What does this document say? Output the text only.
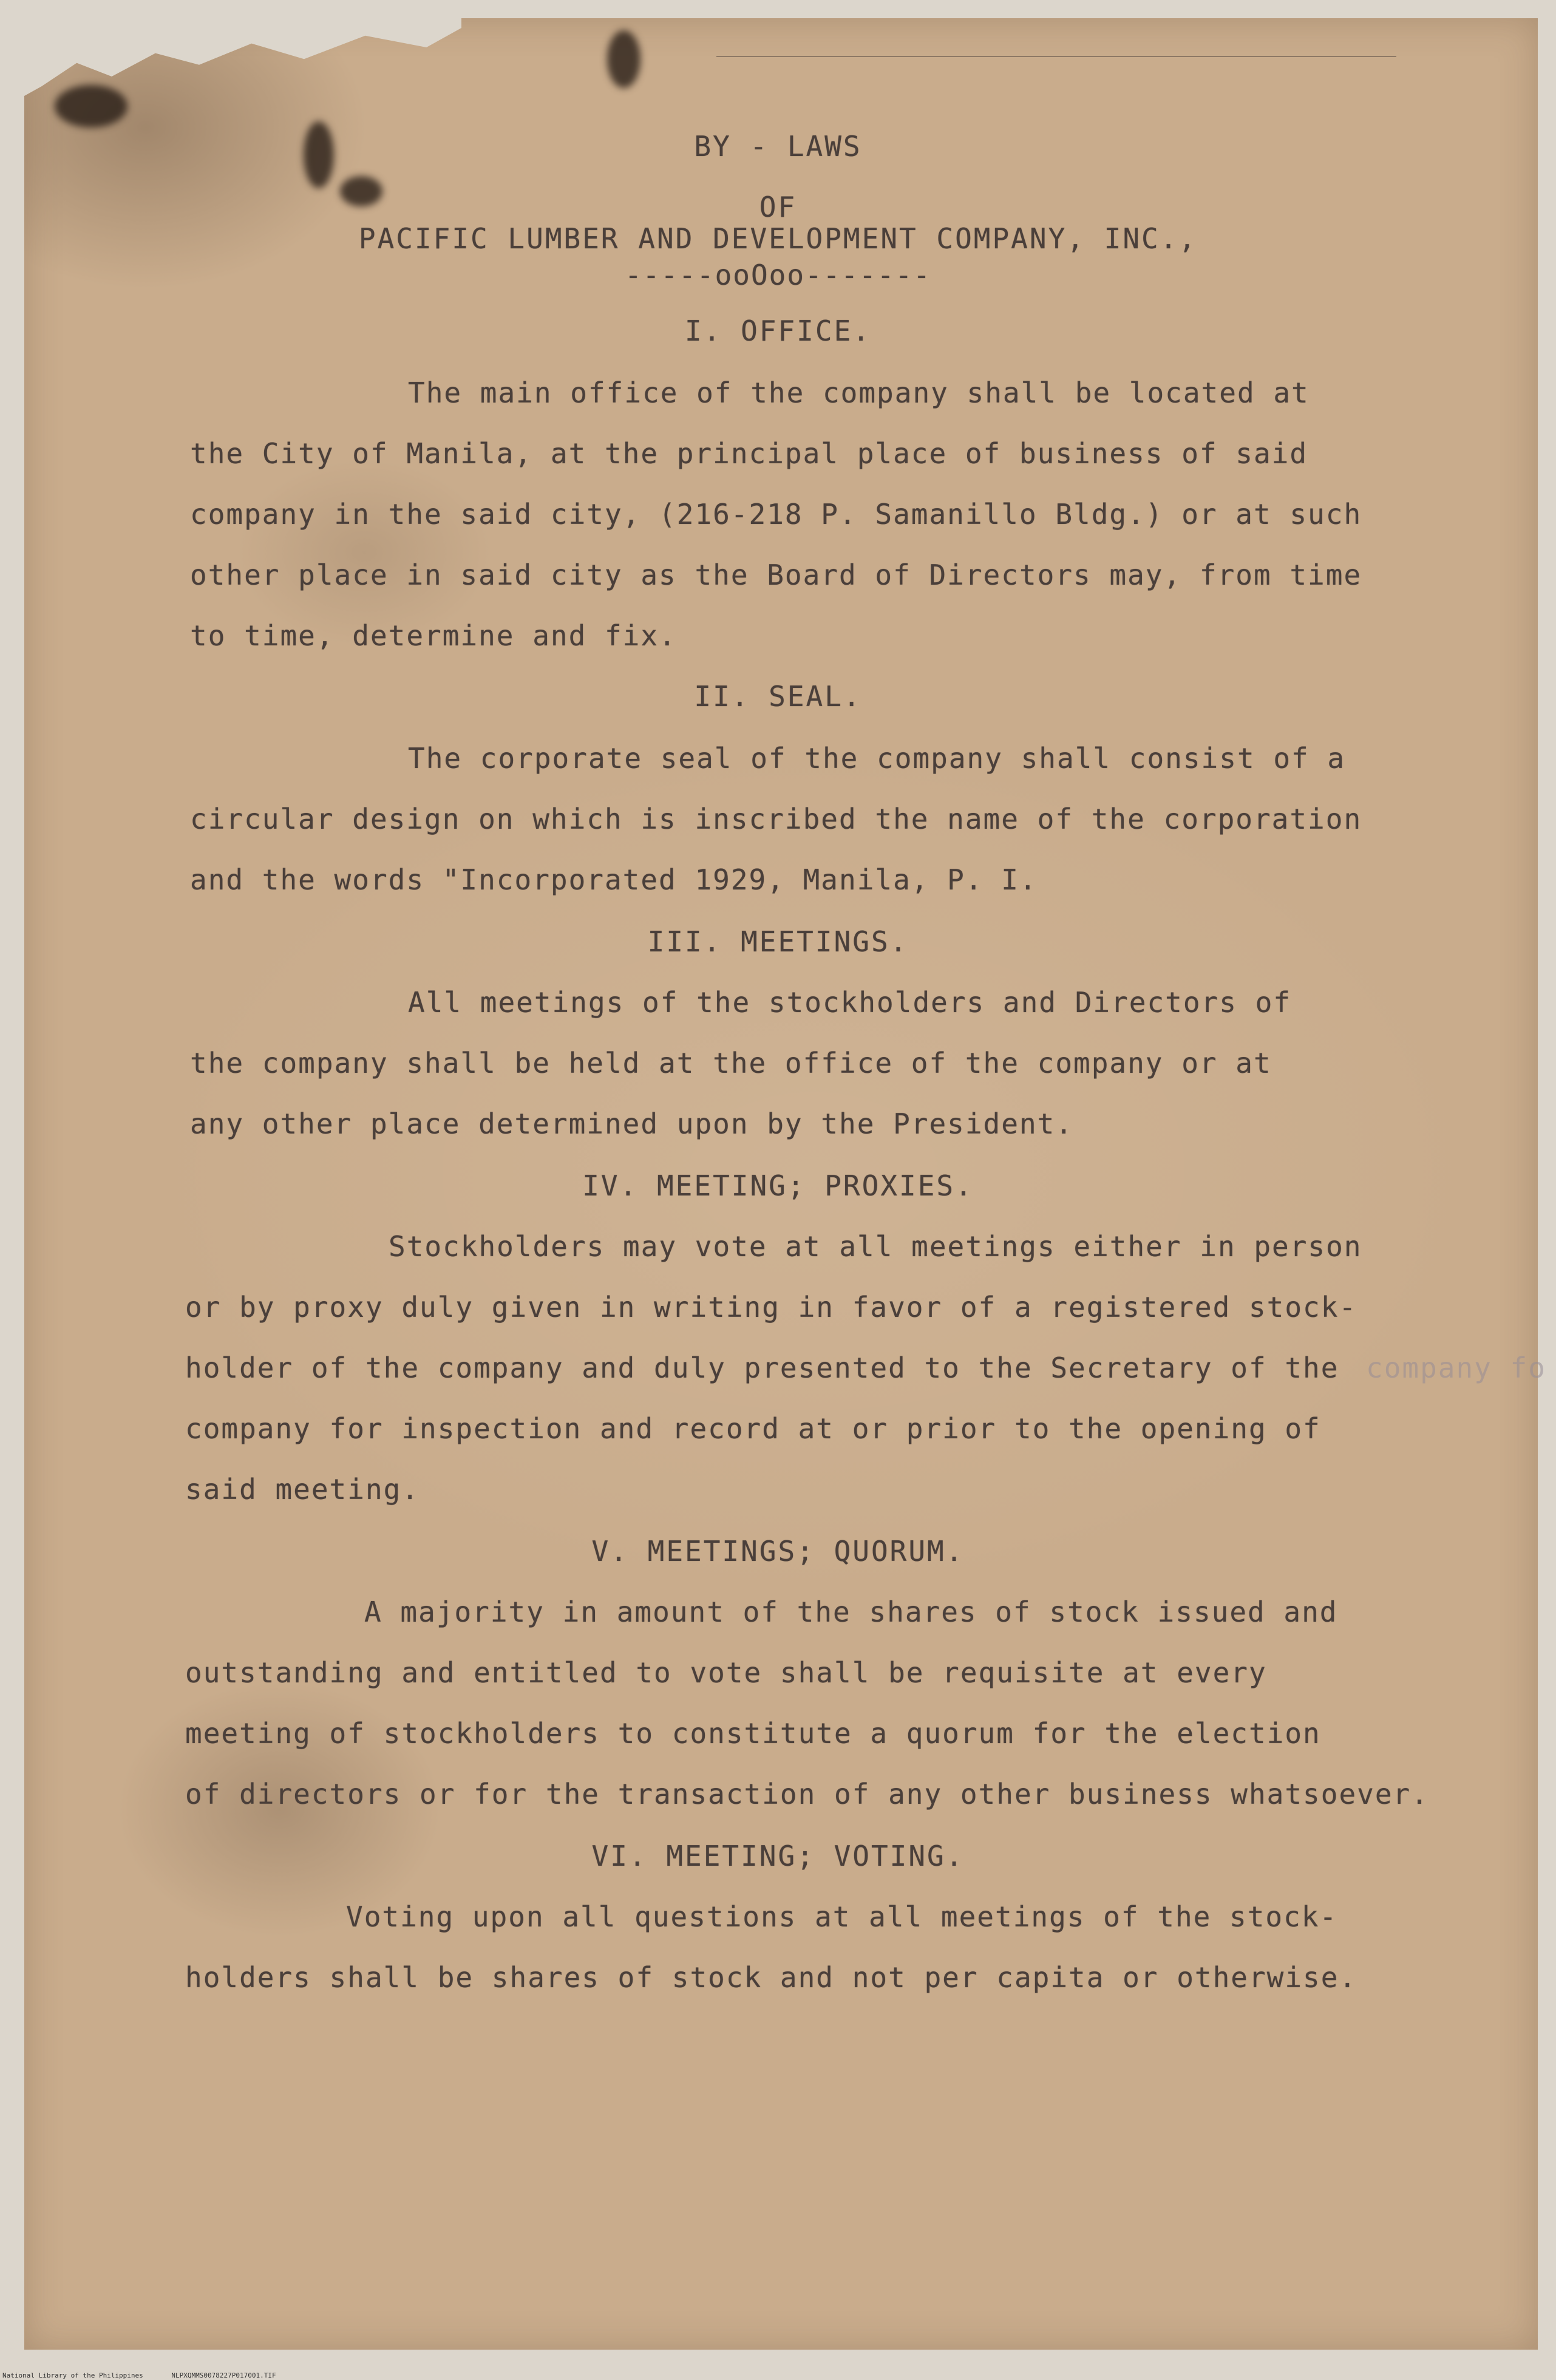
BY - LAWS
OF
PACIFIC LUMBER AND DEVELOPMENT COMPANY, INC.,
-----ooOoo-------
I. OFFICE.
The main office of the company shall be located at
the City of Manila, at the principal place of business of said
company in the said city, (216-218 P. Samanillo Bldg.) or at such
other place in said city as the Board of Directors may, from time
to time, determine and fix.
II. SEAL.
The corporate seal of the company shall consist of a
circular design on which is inscribed the name of the corporation
and the words "Incorporated 1929, Manila, P. I.
III. MEETINGS.
All meetings of the stockholders and Directors of
the company shall be held at the office of the company or at
any other place determined upon by the President.
IV. MEETING; PROXIES.
Stockholders may vote at all meetings either in person
or by proxy duly given in writing in favor of a registered stock-
holder of the company and duly presented to the Secretary of the company fo
company for inspection and record at or prior to the opening of
said meeting.
V. MEETINGS; QUORUM.
A majority in amount of the shares of stock issued and
outstanding and entitled to vote shall be requisite at every
meeting of stockholders to constitute a quorum for the election
of directors or for the transaction of any other business whatsoever.
VI. MEETING; VOTING.
Voting upon all questions at all meetings of the stock-
holders shall be shares of stock and not per capita or otherwise.
National Library of the Philippines	NLPXQMMS0078227P017001.TIF
